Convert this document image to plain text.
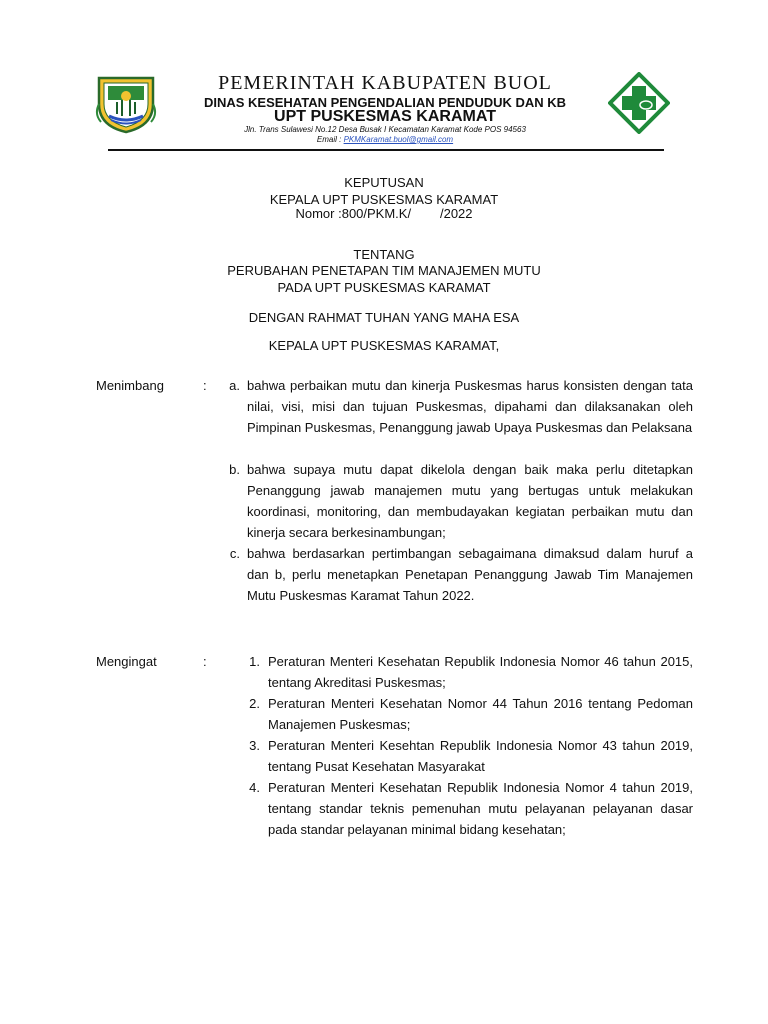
PEMERINTAH KABUPATEN BUOL
DINAS KESEHATAN PENGENDALIAN PENDUDUK DAN KB
UPT PUSKESMAS KARAMAT
Jln. Trans Sulawesi No.12 Desa Busak I Kecamatan Karamat Kode POS 94563
Email : PKMKaramat.buol@gmail.com
KEPUTUSAN
KEPALA UPT PUSKESMAS KARAMAT
Nomor :800/PKM.K/        /2022
TENTANG
PERUBAHAN PENETAPAN TIM MANAJEMEN MUTU
PADA UPT PUSKESMAS KARAMAT
DENGAN RAHMAT TUHAN YANG MAHA ESA
KEPALA UPT PUSKESMAS KARAMAT,
Menimbang	:	a. bahwa perbaikan mutu dan kinerja Puskesmas harus konsisten dengan tata nilai, visi, misi dan tujuan Puskesmas, dipahami dan dilaksanakan oleh Pimpinan Puskesmas, Penanggung jawab Upaya Puskesmas dan Pelaksana
b. bahwa supaya mutu dapat dikelola dengan baik maka perlu ditetapkan Penanggung jawab manajemen mutu yang bertugas untuk melakukan koordinasi, monitoring, dan membudayakan kegiatan perbaikan mutu dan kinerja secara berkesinambungan;
c. bahwa berdasarkan pertimbangan sebagaimana dimaksud dalam huruf a dan b, perlu menetapkan Penetapan Penanggung Jawab Tim Manajemen Mutu Puskesmas Karamat Tahun 2022.
Mengingat	:	1. Peraturan Menteri Kesehatan Republik Indonesia Nomor 46 tahun 2015, tentang Akreditasi Puskesmas;
2. Peraturan Menteri Kesehatan Nomor 44 Tahun 2016 tentang Pedoman Manajemen Puskesmas;
3. Peraturan Menteri Kesehtan Republik Indonesia Nomor 43 tahun 2019, tentang Pusat Kesehatan Masyarakat
4. Peraturan Menteri Kesehatan Republik Indonesia Nomor 4 tahun 2019, tentang standar teknis pemenuhan mutu pelayanan pelayanan dasar pada standar pelayanan minimal bidang kesehatan;
